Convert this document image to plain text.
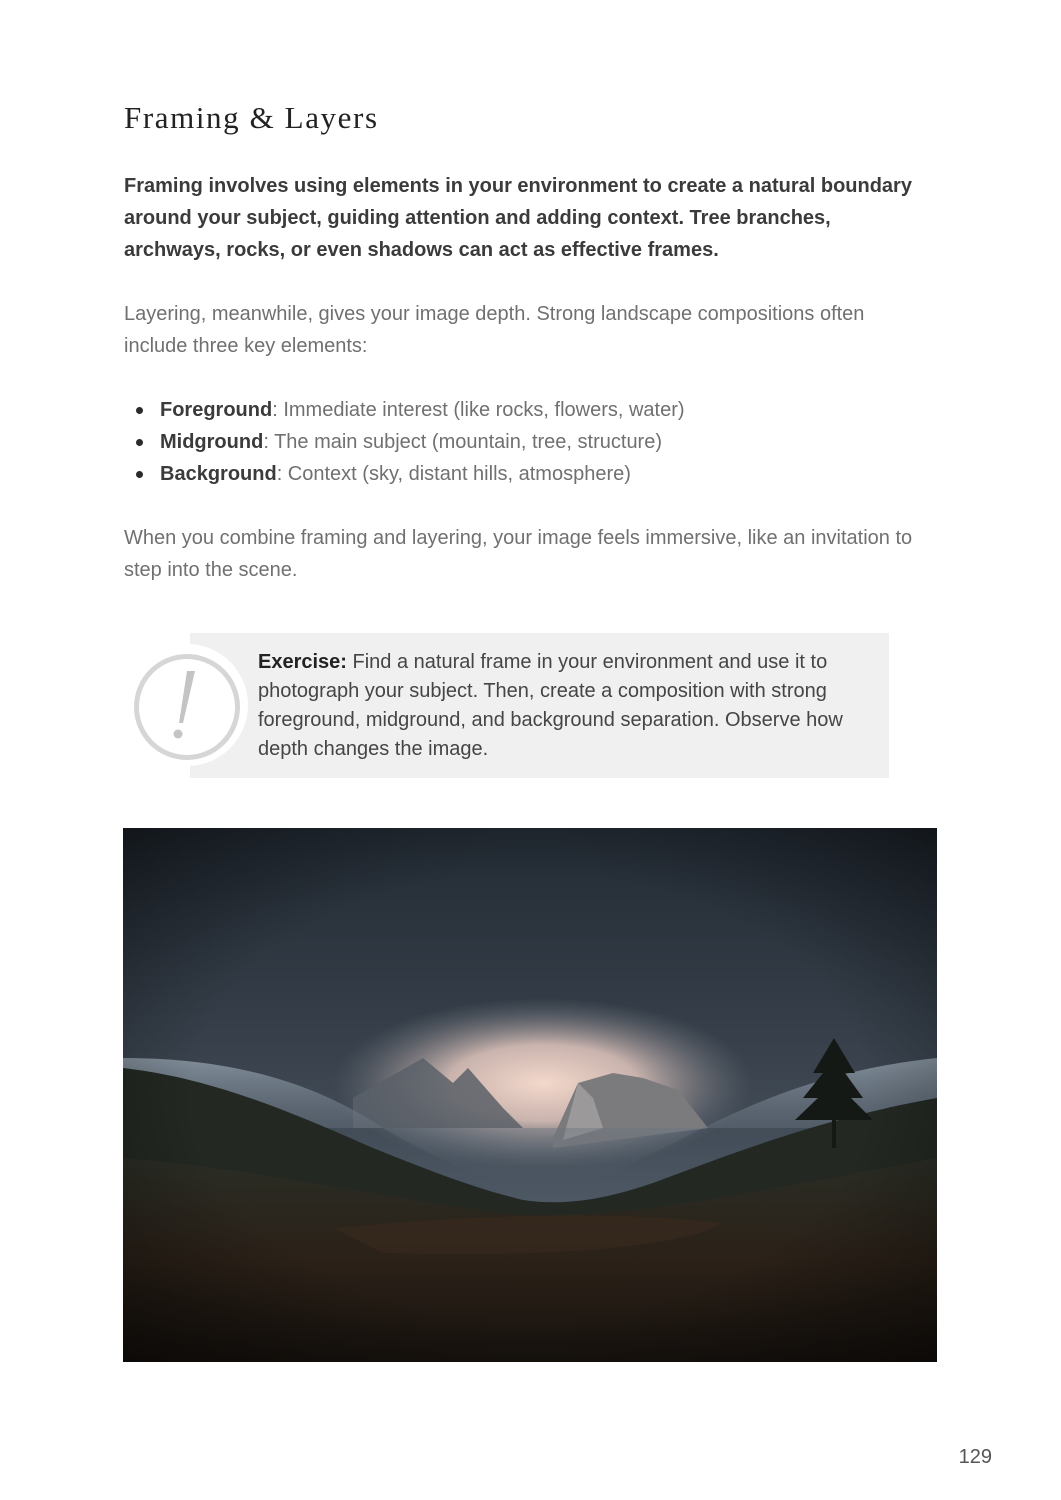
Framing & Layers

Framing involves using elements in your environment to create a natural boundary around your subject, guiding attention and adding context. Tree branches, archways, rocks, or even shadows can act as effective frames.

Layering, meanwhile, gives your image depth. Strong landscape compositions often include three key elements:

Foreground: Immediate interest (like rocks, flowers, water)
Midground: The main subject (mountain, tree, structure)
Background: Context (sky, distant hills, atmosphere)

When you combine framing and layering, your image feels immersive, like an invitation to step into the scene.

Exercise: Find a natural frame in your environment and use it to photograph your subject. Then, create a composition with strong foreground, midground, and background separation. Observe how depth changes the image.

129
